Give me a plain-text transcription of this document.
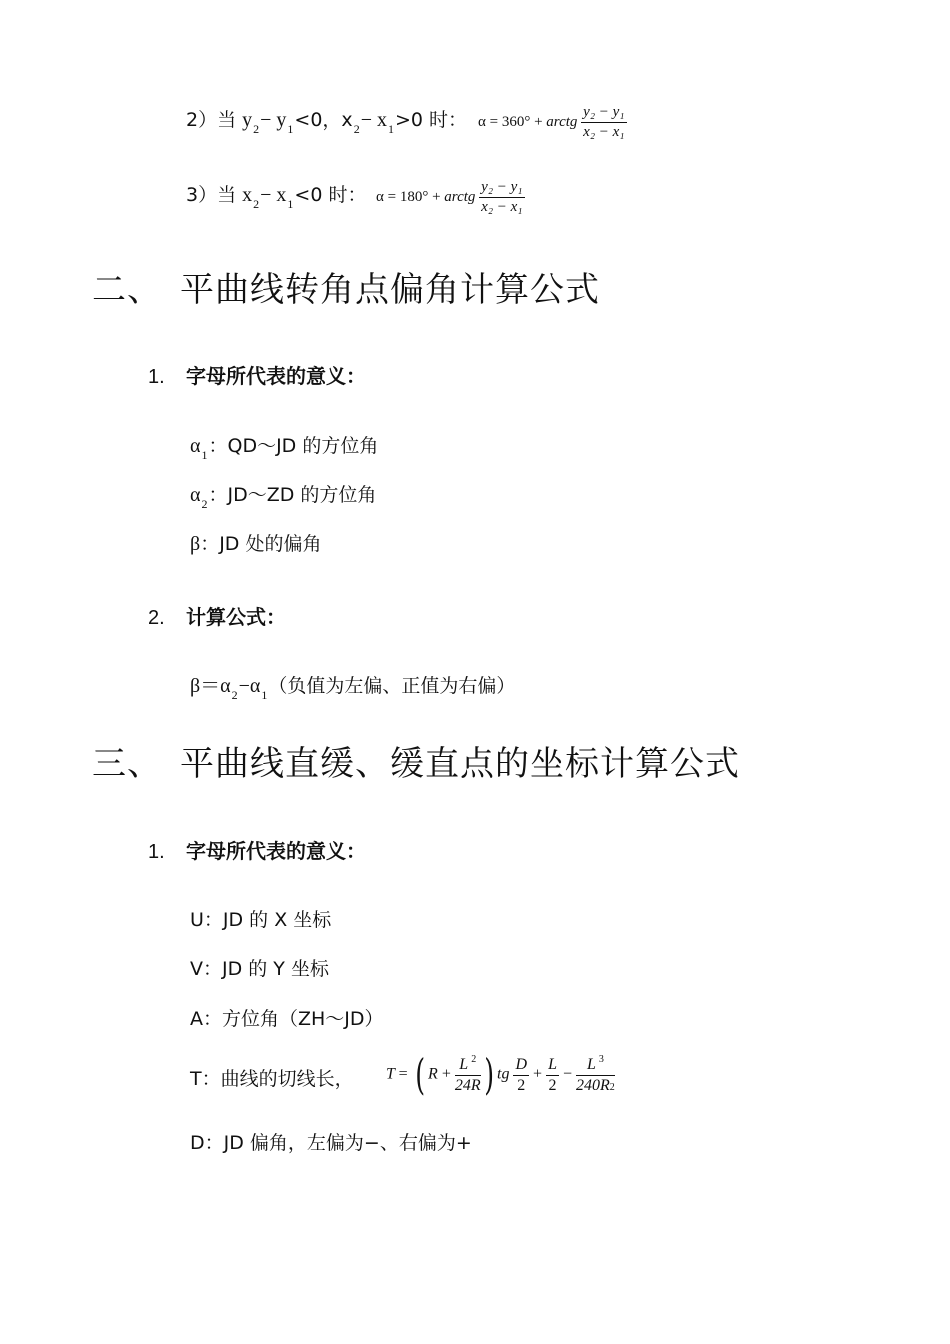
2）当 $y_2- y_1<0$，$x_2- x_1>0$ 时： α = 360° + arctg $\frac{\text{y₂ − y₁}}{\text{x₂ − x₁}}$
3）当 $x_2- x_1<0$ 时： α = 180° + arctg $\frac{\text{y₂ − y₁}}{\text{x₂ − x₁}}$
二、 平曲线转角点偏角计算公式
1. 字母所代表的意义：
$\alpha_1$：QD～JD 的方位角
$\alpha_2$：JD～ZD 的方位角
β：JD 处的偏角
2. 计算公式：
$\beta=\alpha_2-\alpha_1$（负值为左偏、正值为右偏）
三、 平曲线直缓、缓直点的坐标计算公式
1. 字母所代表的意义：
U：JD 的 X 坐标
V：JD 的 Y 坐标
A：方位角（ZH～JD）
T：曲线的切线长， T = ( $R + \frac{L ^2}{24R}$ ) tg $\frac{D}{2} + \frac{L}{2} - \frac{L ^3}{240R2}$
D：JD 偏角，左偏为−、右偏为+
